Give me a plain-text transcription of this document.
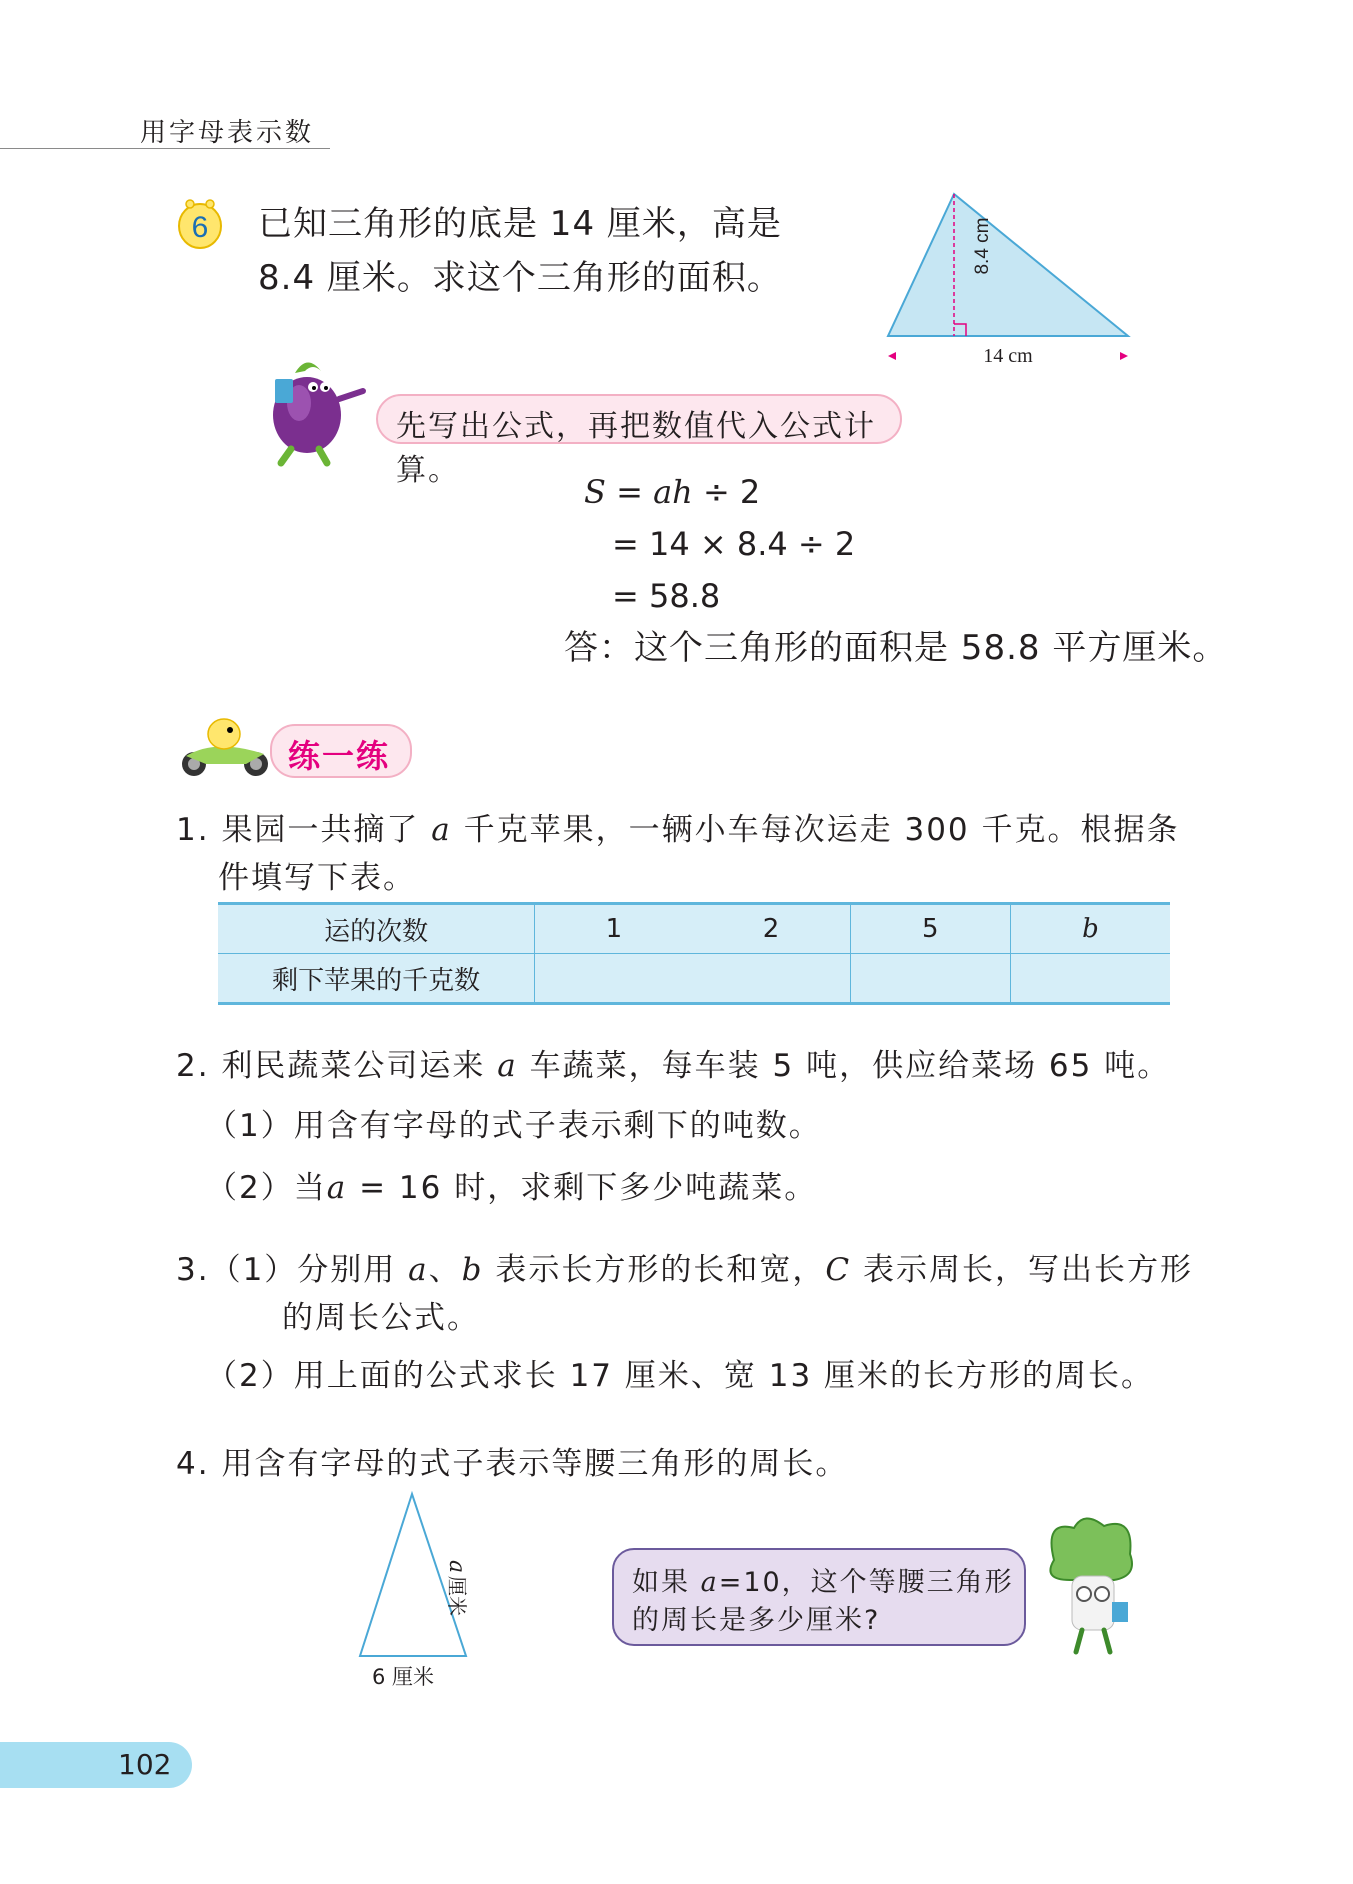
用字母表示数
6 已知三角形的底是 14 厘米，高是
8.4 厘米。求这个三角形的面积。
8.4 cm
14 cm
先写出公式，再把数值代入公式计算。
S = ah ÷ 2
= 14 × 8.4 ÷ 2
= 58.8
答：这个三角形的面积是 58.8 平方厘米。
练一练
1. 果园一共摘了 a 千克苹果，一辆小车每次运走 300 千克。根据条
件填写下表。
运的次数	1	2	5	b
剩下苹果的千克数				
2. 利民蔬菜公司运来 a 车蔬菜，每车装 5 吨，供应给菜场 65 吨。
（1）用含有字母的式子表示剩下的吨数。
（2）当a = 16 时，求剩下多少吨蔬菜。
3.（1）分别用 a、b 表示长方形的长和宽，C 表示周长，写出长方形
的周长公式。
（2）用上面的公式求长 17 厘米、宽 13 厘米的长方形的周长。
4. 用含有字母的式子表示等腰三角形的周长。
a
厘米
6 厘米
如果 a=10，这个等腰三角形
的周长是多少厘米?
102
